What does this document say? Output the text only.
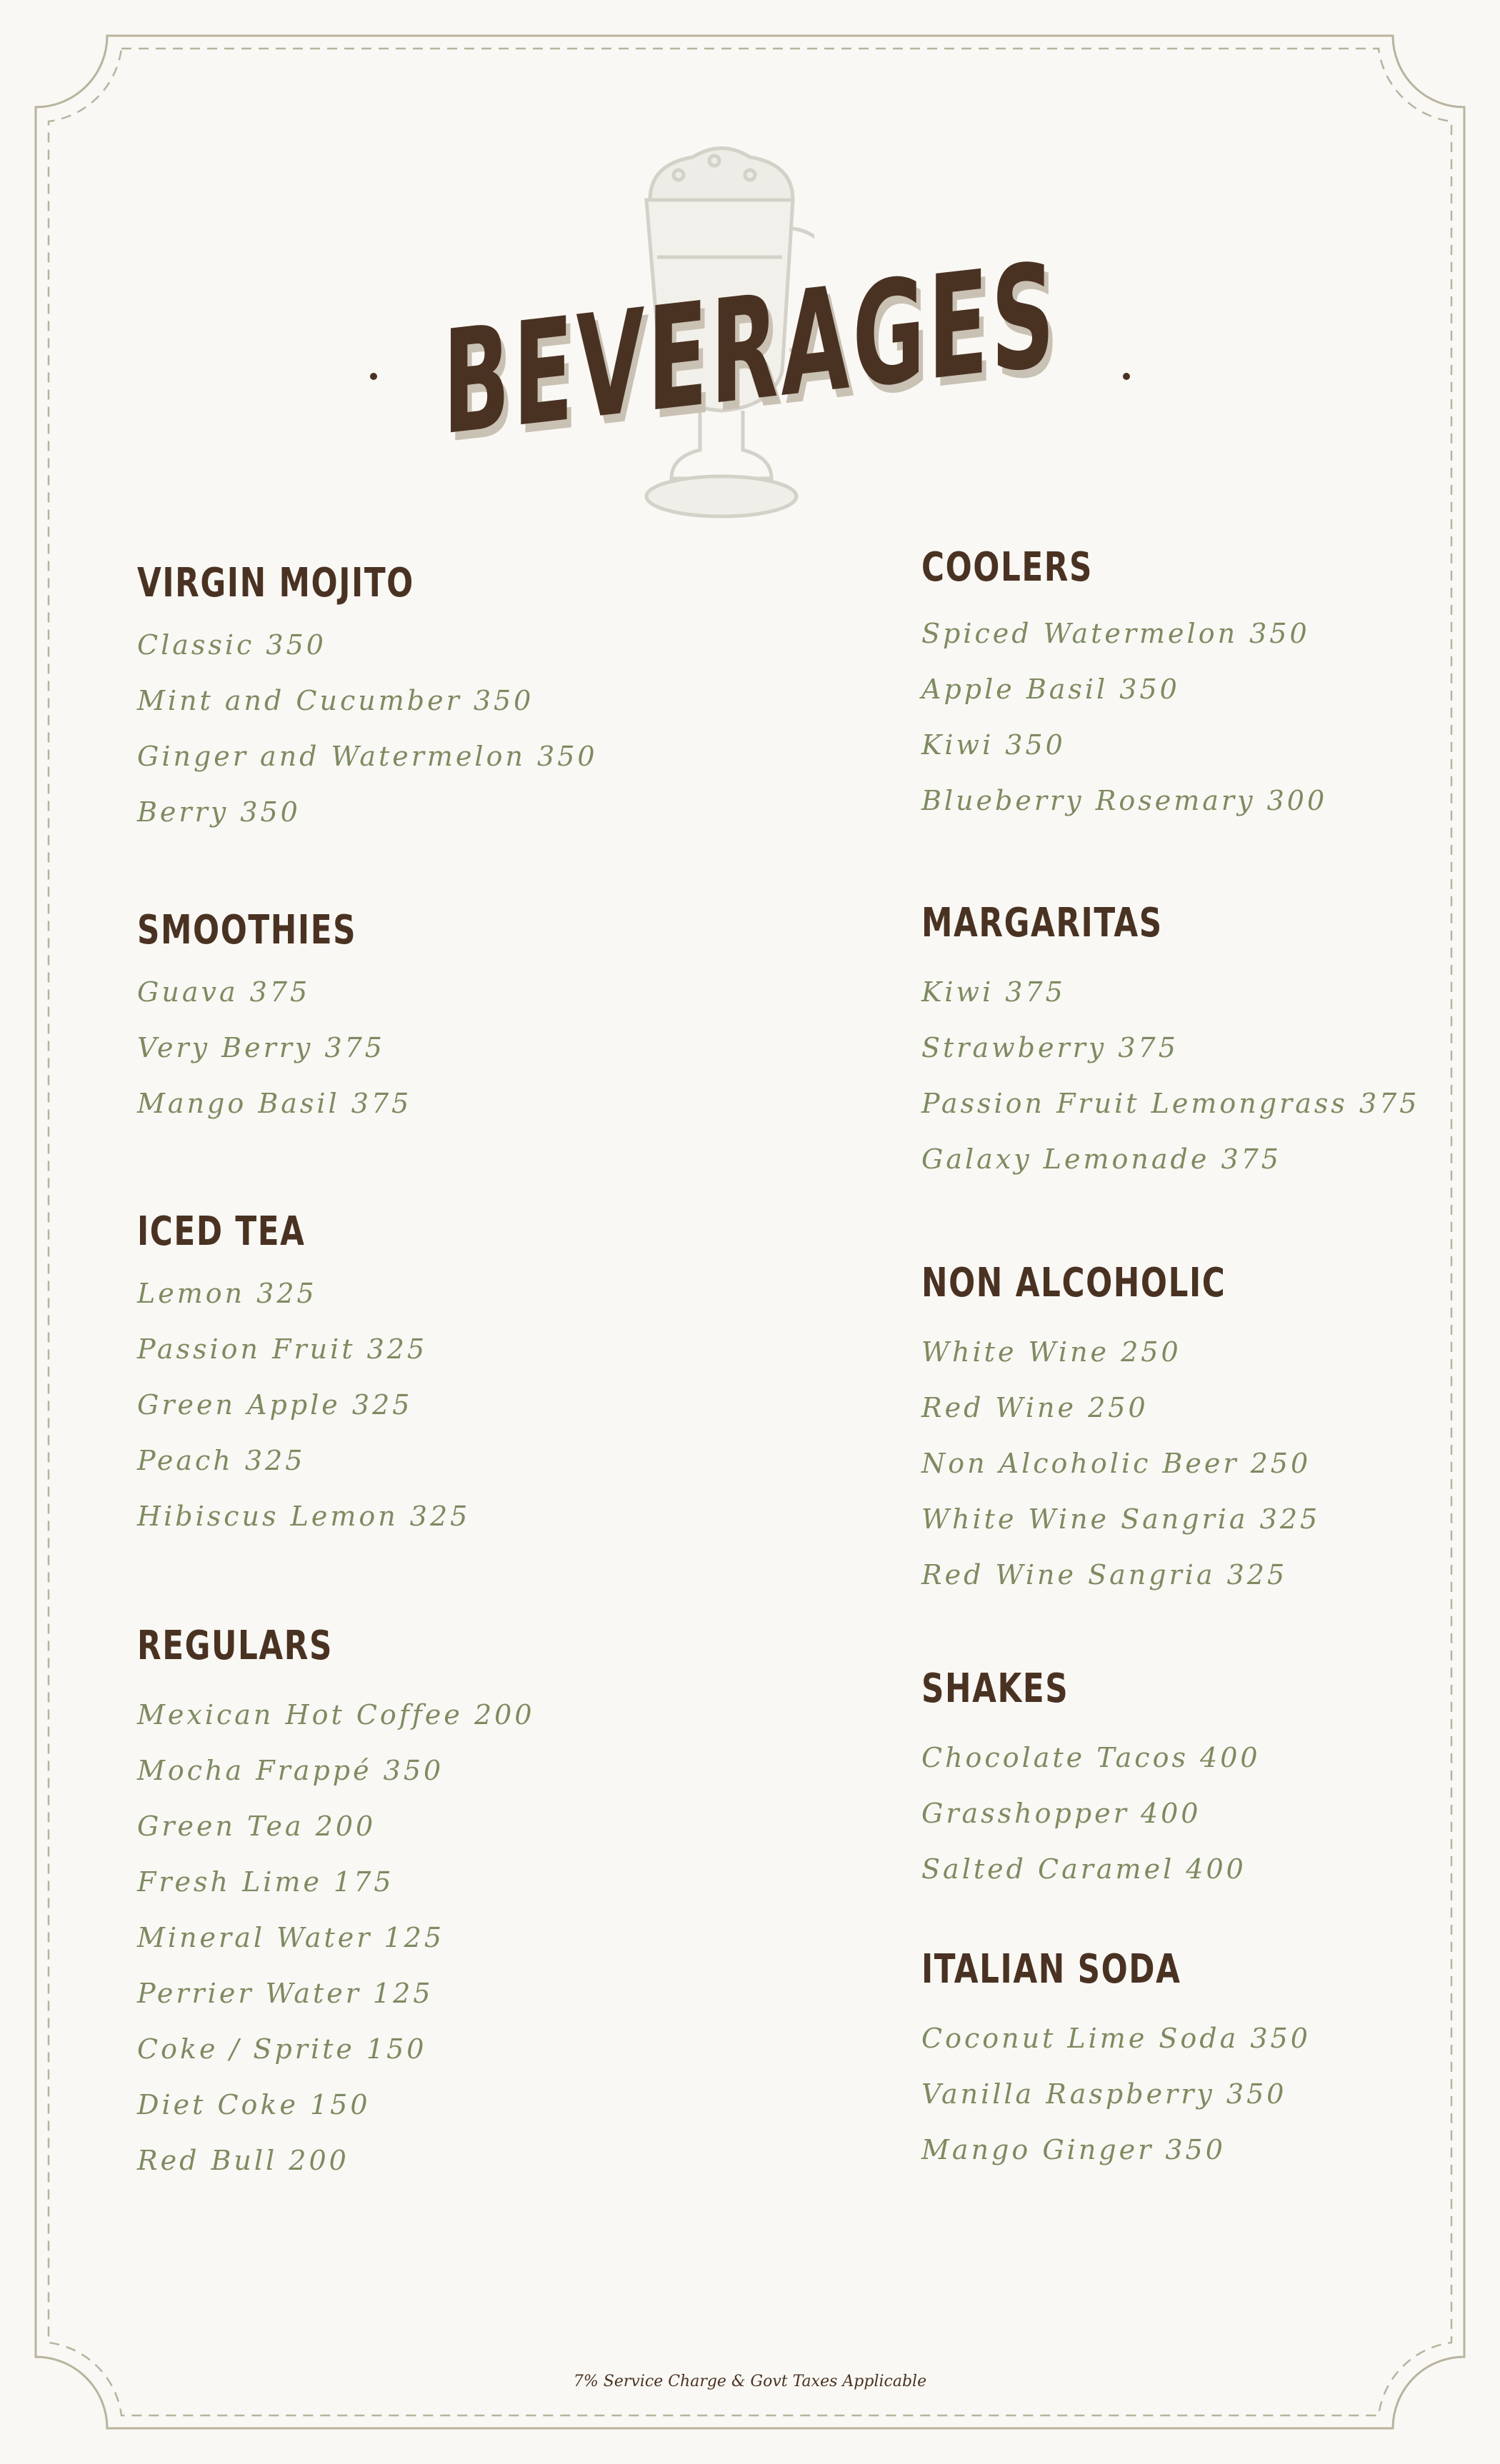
BEVERAGES
VIRGIN MOJITO
Classic 350
Mint and Cucumber 350
Ginger and Watermelon 350
Berry 350
SMOOTHIES
Guava 375
Very Berry 375
Mango Basil 375
ICED TEA
Lemon 325
Passion Fruit 325
Green Apple 325
Peach 325
Hibiscus Lemon 325
REGULARS
Mexican Hot Coffee 200
Mocha Frappé 350
Green Tea 200
Fresh Lime 175
Mineral Water 125
Perrier Water 125
Coke / Sprite 150
Diet Coke 150
Red Bull 200
COOLERS
Spiced Watermelon 350
Apple Basil 350
Kiwi 350
Blueberry Rosemary 300
MARGARITAS
Kiwi 375
Strawberry 375
Passion Fruit Lemongrass 375
Galaxy Lemonade 375
NON ALCOHOLIC
White Wine 250
Red Wine 250
Non Alcoholic Beer 250
White Wine Sangria 325
Red Wine Sangria 325
SHAKES
Chocolate Tacos 400
Grasshopper 400
Salted Caramel 400
ITALIAN SODA
Coconut Lime Soda 350
Vanilla Raspberry 350
Mango Ginger 350
7% Service Charge & Govt Taxes Applicable
